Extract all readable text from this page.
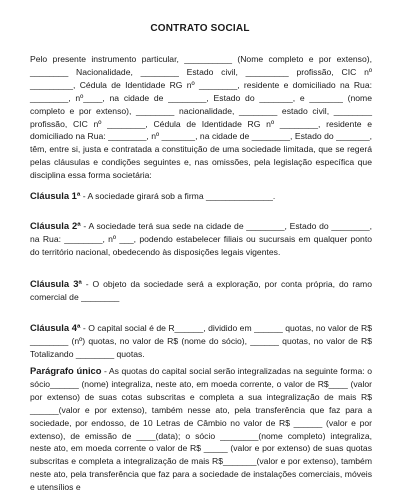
CONTRATO SOCIAL

Pelo presente instrumento particular, __________ (Nome completo e por extenso), ________ Nacionalidade, ________ Estado civil, _________ profissão, CIC nº _________, Cédula de Identidade RG nº ________, residente e domiciliado na Rua: ________, nº____, na cidade de ________, Estado do _______, e _______ (nome completo e por extenso), ________ nacionalidade, ________ estado civil, ________ profissão, CIC nº ________, Cédula de Identidade RG nº ________, residente e domiciliado na Rua: ________, nº _______, na cidade de ________, Estado do _______, têm, entre si, justa e contratada a constituição de uma sociedade limitada, que se regerá pelas cláusulas e condições seguintes e, nas omissões, pela legislação específica que disciplina essa forma societária:

Cláusula 1ª - A sociedade girará sob a firma ______________.

Cláusula 2ª - A sociedade terá sua sede na cidade de ________, Estado do ________, na Rua: ________, nº ___, podendo estabelecer filiais ou sucursais em qualquer ponto do território nacional, obedecendo às disposições legais vigentes.

Cláusula 3ª - O objeto da sociedade será a exploração, por conta própria, do ramo comercial de ________

Cláusula 4ª - O capital social é de R______, dividido em ______ quotas, no valor de R$ ________ (nº) quotas, no valor de R$ (nome do sócio), ______ quotas, no valor de R$ Totalizando ________ quotas.

Parágrafo único - As quotas do capital social serão integralizadas na seguinte forma: o sócio______ (nome) integraliza, neste ato, em moeda corrente, o valor de R$____ (valor por extenso) de suas cotas subscritas e completa a sua integralização de mais R$ ______(valor e por extenso), também nesse ato, pela transferência que faz para a sociedade, por endosso, de 10 Letras de Câmbio no valor de R$ ______ (valor e por extenso), de emissão de ____(data); o sócio ________(nome completo) integraliza, neste ato, em moeda corrente o valor de R$ _____ (valor e por extenso) de suas quotas subscritas e completa a integralização de mais R$_______(valor e por extenso), também neste ato, pela transferência que faz para a sociedade de instalações comerciais, móveis e utensílios e
